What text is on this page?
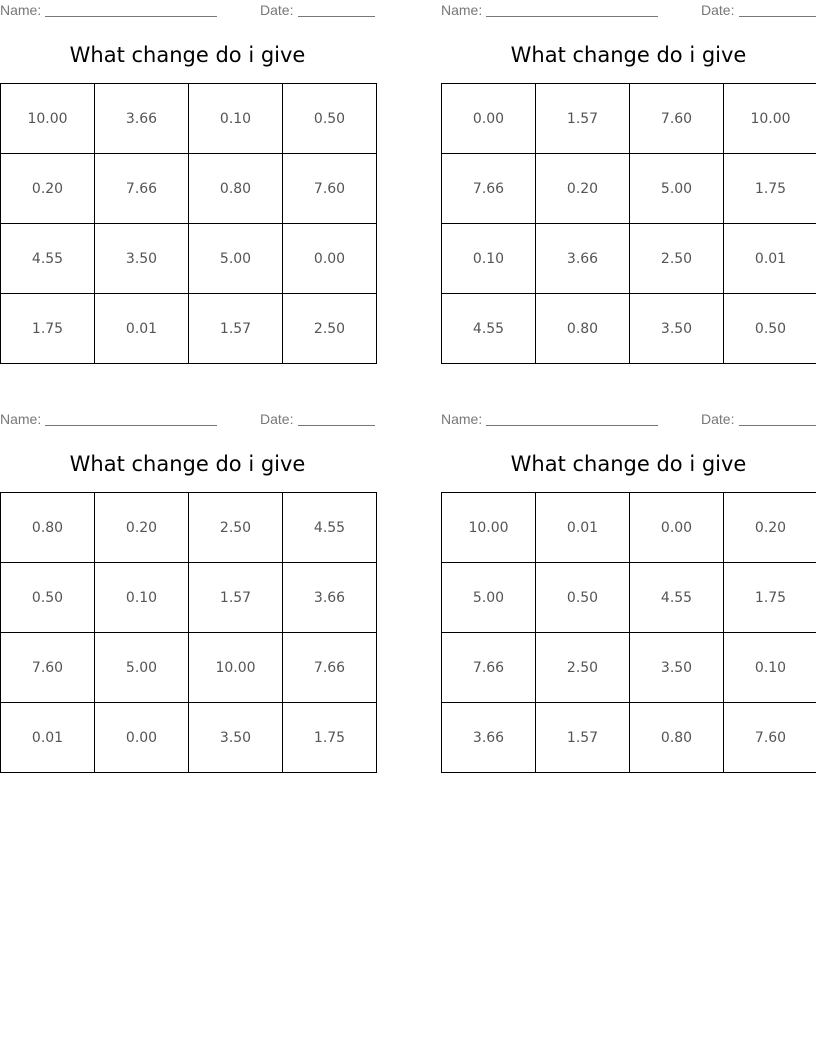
Name:	Date:
What change do i give
10.00	3.66	0.10	0.50
0.20	7.66	0.80	7.60
4.55	3.50	5.00	0.00
1.75	0.01	1.57	2.50
Name:	Date:
What change do i give
0.00	1.57	7.60	10.00
7.66	0.20	5.00	1.75
0.10	3.66	2.50	0.01
4.55	0.80	3.50	0.50
Name:	Date:
What change do i give
0.80	0.20	2.50	4.55
0.50	0.10	1.57	3.66
7.60	5.00	10.00	7.66
0.01	0.00	3.50	1.75
Name:	Date:
What change do i give
10.00	0.01	0.00	0.20
5.00	0.50	4.55	1.75
7.66	2.50	3.50	0.10
3.66	1.57	0.80	7.60
